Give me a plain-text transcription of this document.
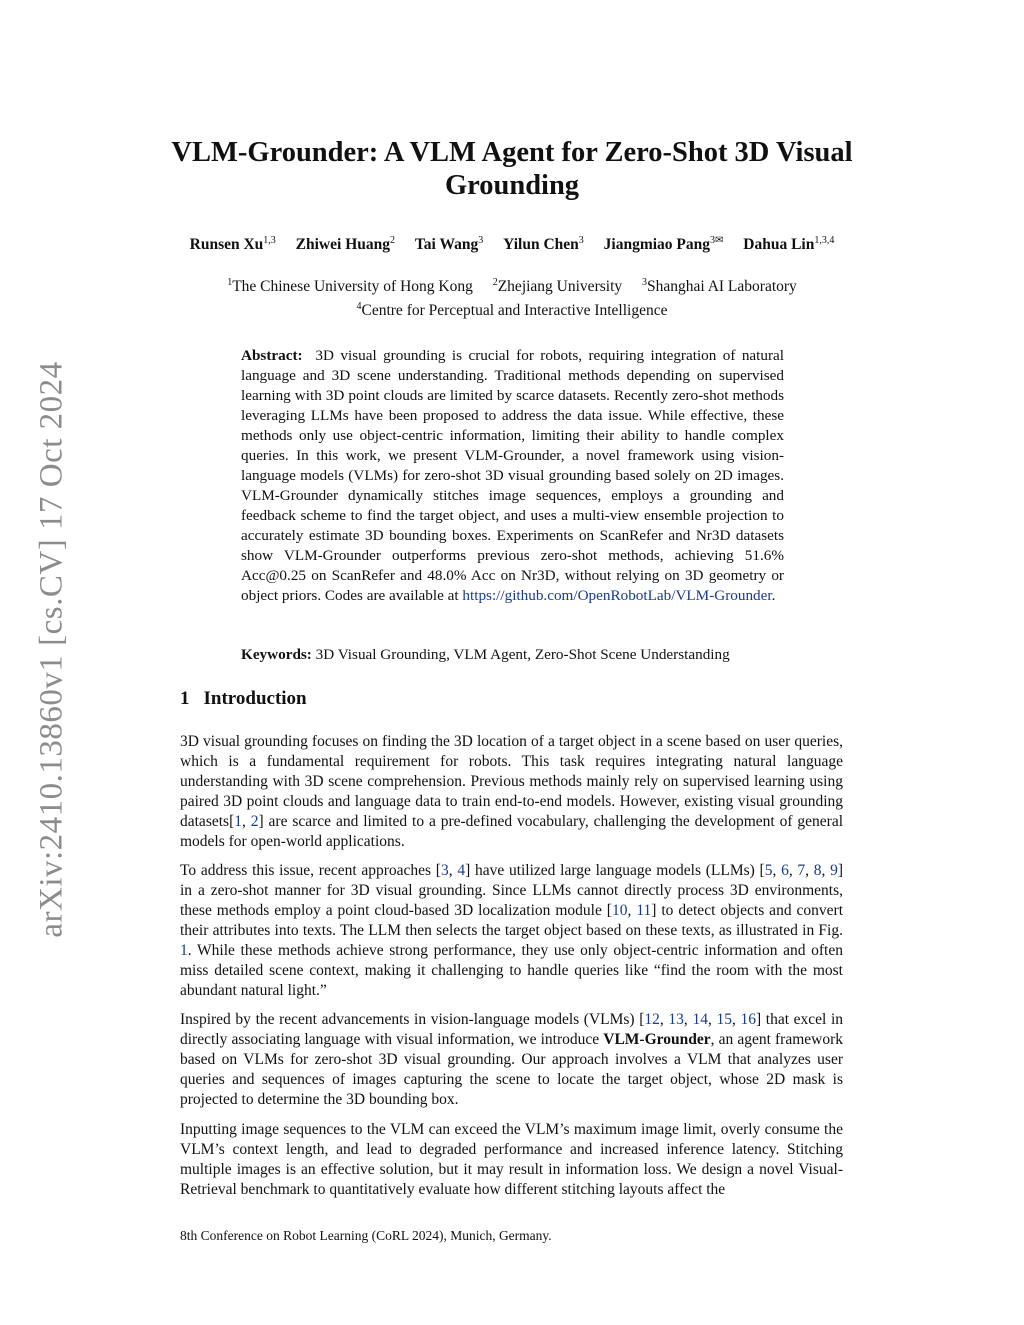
arXiv:2410.13860v1 [cs.CV] 17 Oct 2024
VLM-Grounder: A VLM Agent for Zero-Shot 3D Visual Grounding
Runsen Xu$^{1,3}$ Zhiwei Huang$^2$ Tai Wang$^3$ Yilun Chen$^3$ Jiangmiao Pang$^{3✉}$ Dahua Lin$^{1,3,4}$
$^1$The Chinese University of Hong Kong $^2$Zhejiang University $^3$Shanghai AI Laboratory
$^4$Centre for Perceptual and Interactive Intelligence

Abstract: 3D visual grounding is crucial for robots, requiring integration of natural language and 3D scene understanding. Traditional methods depending on supervised learning with 3D point clouds are limited by scarce datasets. Recently zero-shot methods leveraging LLMs have been proposed to address the data issue. While effective, these methods only use object-centric information, limiting their ability to handle complex queries. In this work, we present VLM-Grounder, a novel framework using vision-language models (VLMs) for zero-shot 3D visual grounding based solely on 2D images. VLM-Grounder dynamically stitches image sequences, employs a grounding and feedback scheme to find the target object, and uses a multi-view ensemble projection to accurately estimate 3D bounding boxes. Experiments on ScanRefer and Nr3D datasets show VLM-Grounder outperforms previous zero-shot methods, achieving 51.6% Acc@0.25 on ScanRefer and 48.0% Acc on Nr3D, without relying on 3D geometry or object priors. Codes are available at https://github.com/OpenRobotLab/VLM-Grounder.

Keywords: 3D Visual Grounding, VLM Agent, Zero-Shot Scene Understanding

1 Introduction

3D visual grounding focuses on finding the 3D location of a target object in a scene based on user queries, which is a fundamental requirement for robots. This task requires integrating natural language understanding with 3D scene comprehension. Previous methods mainly rely on supervised learning using paired 3D point clouds and language data to train end-to-end models. However, existing visual grounding datasets[1, 2] are scarce and limited to a pre-defined vocabulary, challenging the development of general models for open-world applications.

To address this issue, recent approaches [3, 4] have utilized large language models (LLMs) [5, 6, 7, 8, 9] in a zero-shot manner for 3D visual grounding. Since LLMs cannot directly process 3D environments, these methods employ a point cloud-based 3D localization module [10, 11] to detect objects and convert their attributes into texts. The LLM then selects the target object based on these texts, as illustrated in Fig. 1. While these methods achieve strong performance, they use only object-centric information and often miss detailed scene context, making it challenging to handle queries like “find the room with the most abundant natural light.”

Inspired by the recent advancements in vision-language models (VLMs) [12, 13, 14, 15, 16] that excel in directly associating language with visual information, we introduce VLM-Grounder, an agent framework based on VLMs for zero-shot 3D visual grounding. Our approach involves a VLM that analyzes user queries and sequences of images capturing the scene to locate the target object, whose 2D mask is projected to determine the 3D bounding box.

Inputting image sequences to the VLM can exceed the VLM’s maximum image limit, overly consume the VLM’s context length, and lead to degraded performance and increased inference latency. Stitching multiple images is an effective solution, but it may result in information loss. We design a novel Visual-Retrieval benchmark to quantitatively evaluate how different stitching layouts affect the

8th Conference on Robot Learning (CoRL 2024), Munich, Germany.
